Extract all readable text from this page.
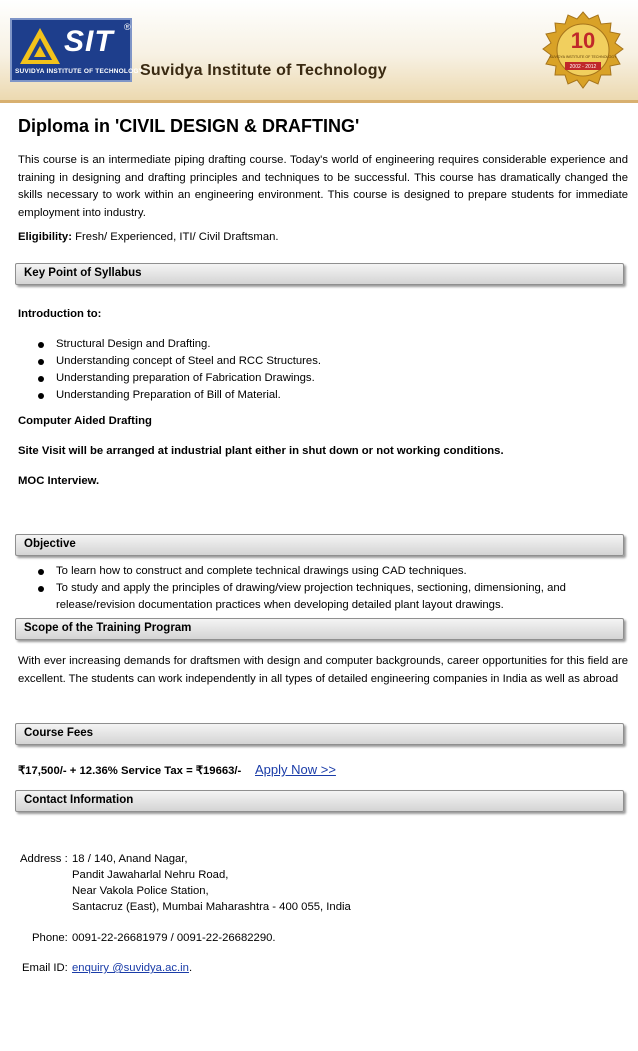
SIT ®
SUVIDYA INSTITUTE OF TECHNOLOGY ©
Suvidya Institute of Technology
10
SUVIDYA INSTITUTE OF TECHNOLOGY
2002 - 2012
Diploma in 'CIVIL DESIGN & DRAFTING'
This course is an intermediate piping drafting course. Today's world of engineering requires considerable experience and training in designing and drafting principles and techniques to be successful. This course has dramatically changed the skills necessary to work within an engineering environment. This course is designed to prepare students for immediate employment into industry.
Eligibility: Fresh/ Experienced, ITI/ Civil Draftsman.
Key Point of Syllabus
Introduction to:
Structural Design and Drafting.
Understanding concept of Steel and RCC Structures.
Understanding preparation of Fabrication Drawings.
Understanding Preparation of Bill of Material.
Computer Aided Drafting
Site Visit will be arranged at industrial plant either in shut down or not working conditions.
MOC Interview.
Objective
To learn how to construct and complete technical drawings using CAD techniques.
To study and apply the principles of drawing/view projection techniques, sectioning, dimensioning, and release/revision documentation practices when developing detailed plant layout drawings.
Scope of the Training Program
With ever increasing demands for draftsmen with design and computer backgrounds, career opportunities for this field are excellent. The students can work independently in all types of detailed engineering companies in India as well as abroad
Course Fees
₹17,500/- + 12.36% Service Tax = ₹19663/- Apply Now >>
Contact Information
Address : 18 / 140, Anand Nagar,
Pandit Jawaharlal Nehru Road,
Near Vakola Police Station,
Santacruz (East), Mumbai Maharashtra - 400 055, India
Phone: 0091-22-26681979 / 0091-22-26682290.
Email ID: enquiry @suvidya.ac.in.
